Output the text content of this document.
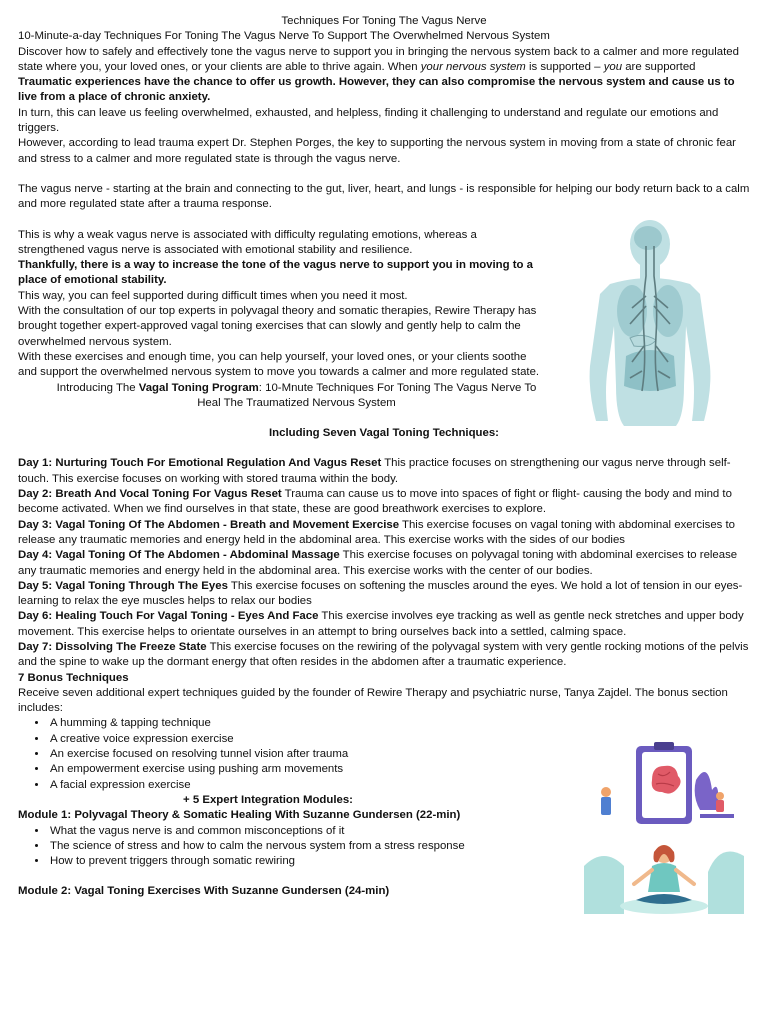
Techniques For Toning The Vagus Nerve

10-Minute-a-day Techniques For Toning The Vagus Nerve To Support The Overwhelmed Nervous System

Discover how to safely and effectively tone the vagus nerve to support you in bringing the nervous system back to a calmer and more regulated state where you, your loved ones, or your clients are able to thrive again. When your nervous system is supported – you are supported

Traumatic experiences have the chance to offer us growth. However, they can also compromise the nervous system and cause us to live from a place of chronic anxiety.

In turn, this can leave us feeling overwhelmed, exhausted, and helpless, finding it challenging to understand and regulate our emotions and triggers.

However, according to lead trauma expert Dr. Stephen Porges, the key to supporting the nervous system in moving from a state of chronic fear and stress to a calmer and more regulated state is through the vagus nerve.

The vagus nerve - starting at the brain and connecting to the gut, liver, heart, and lungs - is responsible for helping our body return back to a calm and more regulated state after a trauma response.

This is why a weak vagus nerve is associated with difficulty regulating emotions, whereas a strengthened vagus nerve is associated with emotional stability and resilience.

Thankfully, there is a way to increase the tone of the vagus nerve to support you in moving to a place of emotional stability.

This way, you can feel supported during difficult times when you need it most.

With the consultation of our top experts in polyvagal theory and somatic therapies, Rewire Therapy has brought together expert-approved vagal toning exercises that can slowly and gently help to calm the overwhelmed nervous system.

With these exercises and enough time, you can help yourself, your loved ones, or your clients soothe and support the overwhelmed nervous system to move you towards a calmer and more regulated state.

Introducing The Vagal Toning Program: 10-Mnute Techniques For Toning The Vagus Nerve To Heal The Traumatized Nervous System

Including Seven Vagal Toning Techniques:

Day 1: Nurturing Touch For Emotional Regulation And Vagus Reset This practice focuses on strengthening our vagus nerve through self-touch. This exercise focuses on working with stored trauma within the body.

Day 2: Breath And Vocal Toning For Vagus Reset Trauma can cause us to move into spaces of fight or flight- causing the body and mind to become activated. When we find ourselves in that state, these are good breathwork exercises to explore.

Day 3: Vagal Toning Of The Abdomen - Breath and Movement Exercise This exercise focuses on vagal toning with abdominal exercises to release any traumatic memories and energy held in the abdominal area. This exercise works with the sides of our bodies

Day 4: Vagal Toning Of The Abdomen - Abdominal Massage This exercise focuses on polyvagal toning with abdominal exercises to release any traumatic memories and energy held in the abdominal area. This exercise works with the center of our bodies.

Day 5: Vagal Toning Through The Eyes This exercise focuses on softening the muscles around the eyes. We hold a lot of tension in our eyes- learning to relax the eye muscles helps to relax our bodies

Day 6: Healing Touch For Vagal Toning - Eyes And Face This exercise involves eye tracking as well as gentle neck stretches and upper body movement. This exercise helps to orientate ourselves in an attempt to bring ourselves back into a settled, calming space.

Day 7: Dissolving The Freeze State This exercise focuses on the rewiring of the polyvagal system with very gentle rocking motions of the pelvis and the spine to wake up the dormant energy that often resides in the abdomen after a traumatic experience.

7 Bonus Techniques

Receive seven additional expert techniques guided by the founder of Rewire Therapy and psychiatric nurse, Tanya Zajdel. The bonus section includes:

• A humming & tapping technique
• A creative voice expression exercise
• An exercise focused on resolving tunnel vision after trauma
• An empowerment exercise using pushing arm movements
• A facial expression exercise

+ 5 Expert Integration Modules:

Module 1: Polyvagal Theory & Somatic Healing With Suzanne Gundersen (22-min)

• What the vagus nerve is and common misconceptions of it
• The science of stress and how to calm the nervous system from a stress response
• How to prevent triggers through somatic rewiring

Module 2: Vagal Toning Exercises With Suzanne Gundersen (24-min)
